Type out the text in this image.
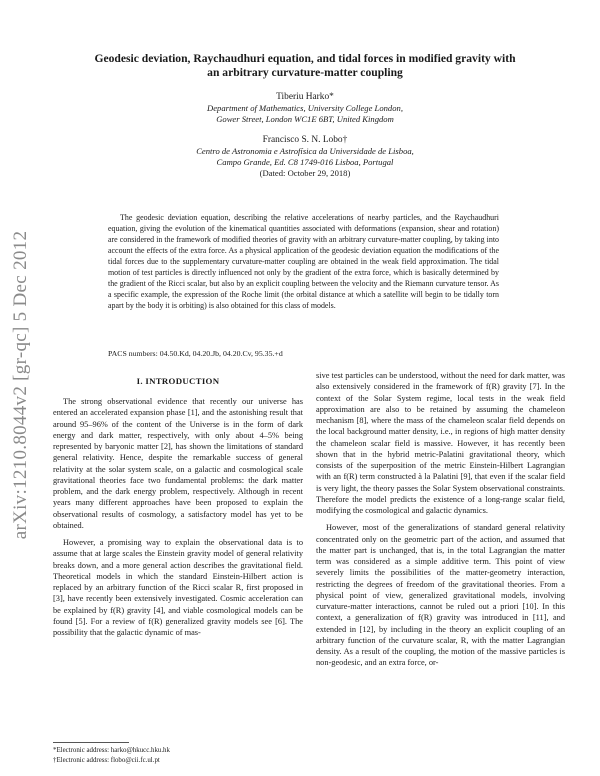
arXiv:1210.8044v2 [gr-qc] 5 Dec 2012
Geodesic deviation, Raychaudhuri equation, and tidal forces in modified gravity with
an arbitrary curvature-matter coupling
Tiberiu Harko*
Department of Mathematics, University College London,
Gower Street, London WC1E 6BT, United Kingdom
Francisco S. N. Lobo†
Centro de Astronomia e Astrofísica da Universidade de Lisboa,
Campo Grande, Ed. C8 1749-016 Lisboa, Portugal
(Dated: October 29, 2018)
The geodesic deviation equation, describing the relative accelerations of nearby particles, and the Raychaudhuri equation, giving the evolution of the kinematical quantities associated with deformations (expansion, shear and rotation) are considered in the framework of modified theories of gravity with an arbitrary curvature-matter coupling, by taking into account the effects of the extra force. As a physical application of the geodesic deviation equation the modifications of the tidal forces due to the supplementary curvature-matter coupling are obtained in the weak field approximation. The tidal motion of test particles is directly influenced not only by the gradient of the extra force, which is basically determined by the gradient of the Ricci scalar, but also by an explicit coupling between the velocity and the Riemann curvature tensor. As a specific example, the expression of the Roche limit (the orbital distance at which a satellite will begin to be tidally torn apart by the body it is orbiting) is also obtained for this class of models.
PACS numbers: 04.50.Kd, 04.20.Jb, 04.20.Cv, 95.35.+d
I. INTRODUCTION

The strong observational evidence that recently our universe has entered an accelerated expansion phase [1], and the astonishing result that around 95–96% of the content of the Universe is in the form of dark energy and dark matter, respectively, with only about 4–5% being represented by baryonic matter [2], has shown the limitations of standard general relativity. Hence, despite the remarkable success of general relativity at the solar system scale, on a galactic and cosmological scale gravitational theories face two fundamental problems: the dark matter problem, and the dark energy problem, respectively. Although in recent years many different approaches have been proposed to explain the observational results of cosmology, a satisfactory model has yet to be obtained.

However, a promising way to explain the observational data is to assume that at large scales the Einstein gravity model of general relativity breaks down, and a more general action describes the gravitational field. Theoretical models in which the standard Einstein-Hilbert action is replaced by an arbitrary function of the Ricci scalar R, first proposed in [3], have recently been extensively investigated. Cosmic acceleration can be explained by f(R) gravity [4], and viable cosmological models can be found [5]. For a review of f(R) generalized gravity models see [6]. The possibility that the galactic dynamic of mas-

sive test particles can be understood, without the need for dark matter, was also extensively considered in the framework of f(R) gravity [7]. In the context of the Solar System regime, local tests in the weak field approximation are also to be retained by assuming the chameleon mechanism [8], where the mass of the chameleon scalar field depends on the local background matter density, i.e., in regions of high matter density the chameleon scalar field is massive. However, it has recently been shown that in the hybrid metric-Palatini gravitational theory, which consists of the superposition of the metric Einstein-Hilbert Lagrangian with an f(R) term constructed à la Palatini [9], that even if the scalar field is very light, the theory passes the Solar System observational constraints. Therefore the model predicts the existence of a long-range scalar field, modifying the cosmological and galactic dynamics.

However, most of the generalizations of standard general relativity concentrated only on the geometric part of the action, and assumed that the matter part is unchanged, that is, in the total Lagrangian the matter term was considered as a simple additive term. This point of view severely limits the possibilities of the matter-geometry interaction, restricting the degrees of freedom of the gravitational theories. From a physical point of view, generalized gravitational models, involving curvature-matter interactions, cannot be ruled out a priori [10]. In this context, a generalization of f(R) gravity was introduced in [11], and extended in [12], by including in the theory an explicit coupling of an arbitrary function of the curvature scalar, R, with the matter Lagrangian density. As a result of the coupling, the motion of the massive particles is non-geodesic, and an extra force, or-

*Electronic address: harko@hkucc.hku.hk
†Electronic address: flobo@cii.fc.ul.pt
